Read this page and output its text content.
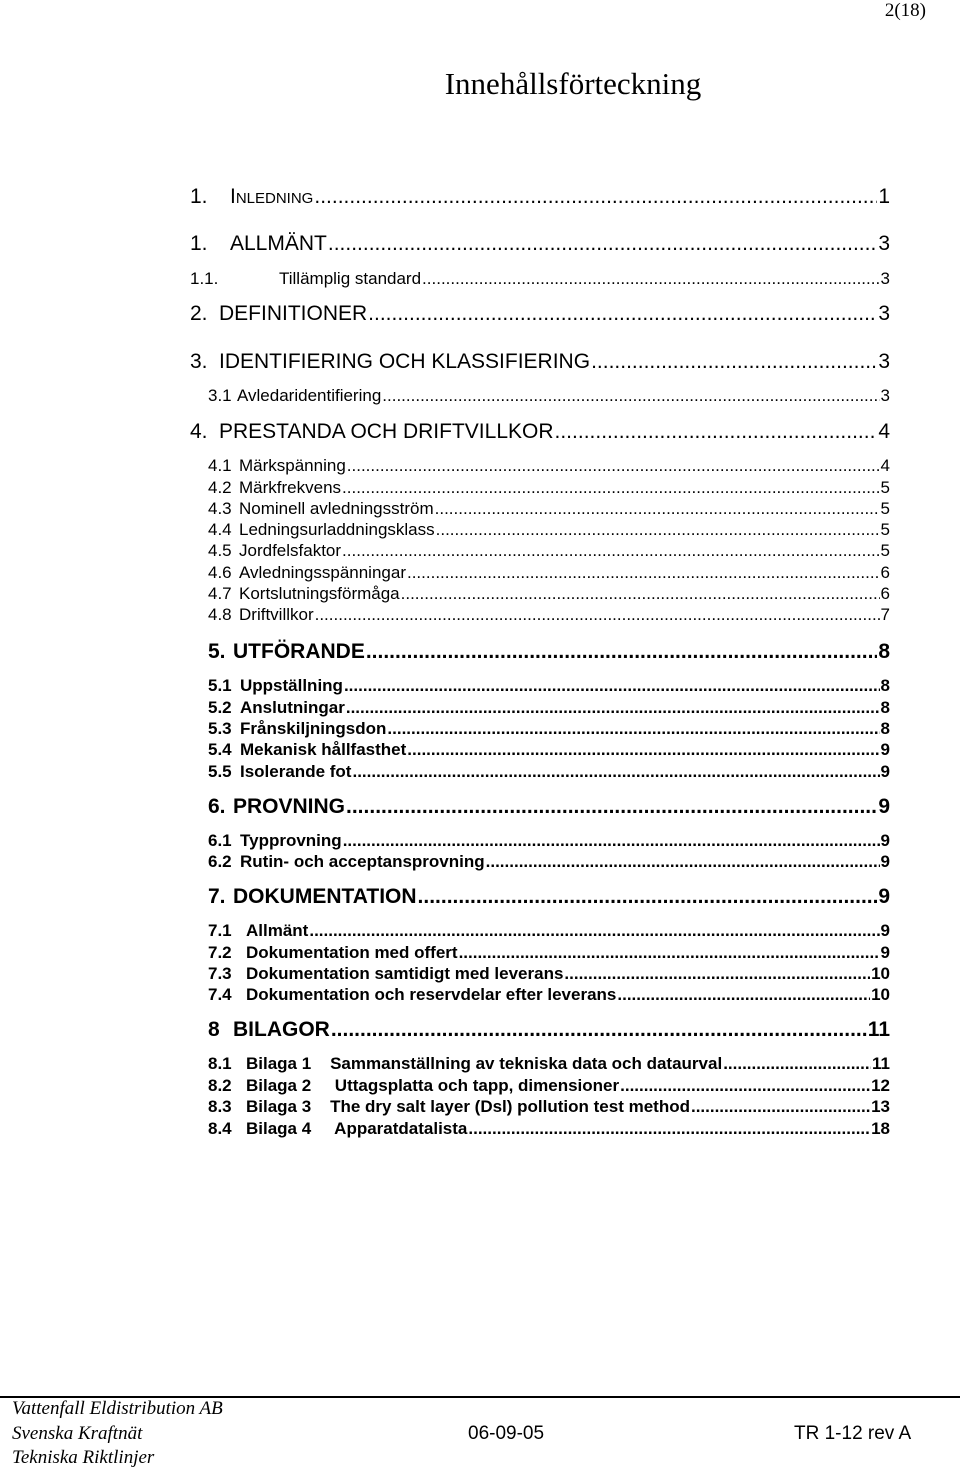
2(18)
Innehållsförteckning
1.	Inledning .....	1
1.	ALLMÄNT .....	3
1.1.	Tillämplig standard .....	3
2. DEFINITIONER .....	3
3. IDENTIFIERING OCH KLASSIFIERING .....	3
3.1 Avledaridentifiering .....	3
4. PRESTANDA OCH DRIFTVILLKOR .....	4
4.1 Märkspänning .....	4
4.2 Märkfrekvens .....	5
4.3 Nominell avledningsström .....	5
4.4 Ledningsurladdningsklass .....	5
4.5 Jordfelsfaktor .....	5
4.6 Avledningsspänningar .....	6
4.7 Kortslutningsförmåga .....	6
4.8 Driftvillkor .....	7
5. UTFÖRANDE .....	8
5.1 Uppställning .....	8
5.2 Anslutningar .....	8
5.3 Frånskiljningsdon .....	8
5.4 Mekanisk hållfasthet .....	9
5.5 Isolerande fot .....	9
6. PROVNING .....	9
6.1 Typprovning .....	9
6.2 Rutin- och acceptansprovning .....	9
7. DOKUMENTATION .....	9
7.1 Allmänt .....	9
7.2 Dokumentation med offert .....	9
7.3 Dokumentation samtidigt med leverans .....	10
7.4 Dokumentation och reservdelar efter leverans .....	10
8 BILAGOR .....	11
8.1 Bilaga 1    Sammanställning av tekniska data och dataurval .....	11
8.2 Bilaga 2     Uttagsplatta och tapp, dimensioner .....	12
8.3 Bilaga 3    The dry salt layer (Dsl) pollution test method .....	13
8.4 Bilaga 4     Apparatdatalista .....	18
Vattenfall Eldistribution AB
Svenska Kraftnät
Tekniska Riktlinjer
06-09-05	TR 1-12 rev A
